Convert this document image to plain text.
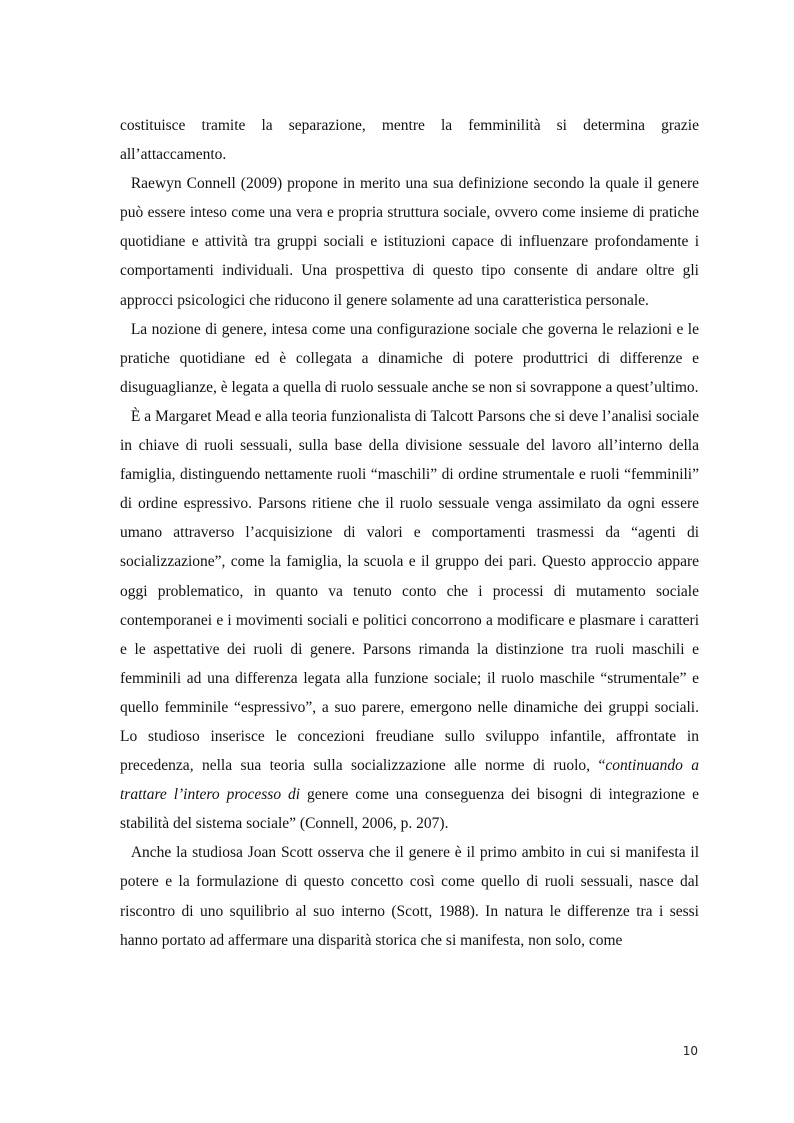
costituisce tramite la separazione, mentre la femminilità si determina grazie all’attaccamento.

Raewyn Connell (2009) propone in merito una sua definizione secondo la quale il genere può essere inteso come una vera e propria struttura sociale, ovvero come insieme di pratiche quotidiane e attività tra gruppi sociali e istituzioni capace di influenzare profondamente i comportamenti individuali. Una prospettiva di questo tipo consente di andare oltre gli approcci psicologici che riducono il genere solamente ad una caratteristica personale.

La nozione di genere, intesa come una configurazione sociale che governa le relazioni e le pratiche quotidiane ed è collegata a dinamiche di potere produttrici di differenze e disuguaglianze, è legata a quella di ruolo sessuale anche se non si sovrappone a quest’ultimo.

È a Margaret Mead e alla teoria funzionalista di Talcott Parsons che si deve l’analisi sociale in chiave di ruoli sessuali, sulla base della divisione sessuale del lavoro all’interno della famiglia, distinguendo nettamente ruoli “maschili” di ordine strumentale e ruoli “femminili” di ordine espressivo. Parsons ritiene che il ruolo sessuale venga assimilato da ogni essere umano attraverso l’acquisizione di valori e comportamenti trasmessi da “agenti di socializzazione”, come la famiglia, la scuola e il gruppo dei pari. Questo approccio appare oggi problematico, in quanto va tenuto conto che i processi di mutamento sociale contemporanei e i movimenti sociali e politici concorrono a modificare e plasmare i caratteri e le aspettative dei ruoli di genere. Parsons rimanda la distinzione tra ruoli maschili e femminili ad una differenza legata alla funzione sociale; il ruolo maschile “strumentale” e quello femminile “espressivo”, a suo parere, emergono nelle dinamiche dei gruppi sociali. Lo studioso inserisce le concezioni freudiane sullo sviluppo infantile, affrontate in precedenza, nella sua teoria sulla socializzazione alle norme di ruolo, “continuando a trattare l’intero processo di genere come una conseguenza dei bisogni di integrazione e stabilità del sistema sociale” (Connell, 2006, p. 207).

Anche la studiosa Joan Scott osserva che il genere è il primo ambito in cui si manifesta il potere e la formulazione di questo concetto così come quello di ruoli sessuali, nasce dal riscontro di uno squilibrio al suo interno (Scott, 1988). In natura le differenze tra i sessi hanno portato ad affermare una disparità storica che si manifesta, non solo, come

10
